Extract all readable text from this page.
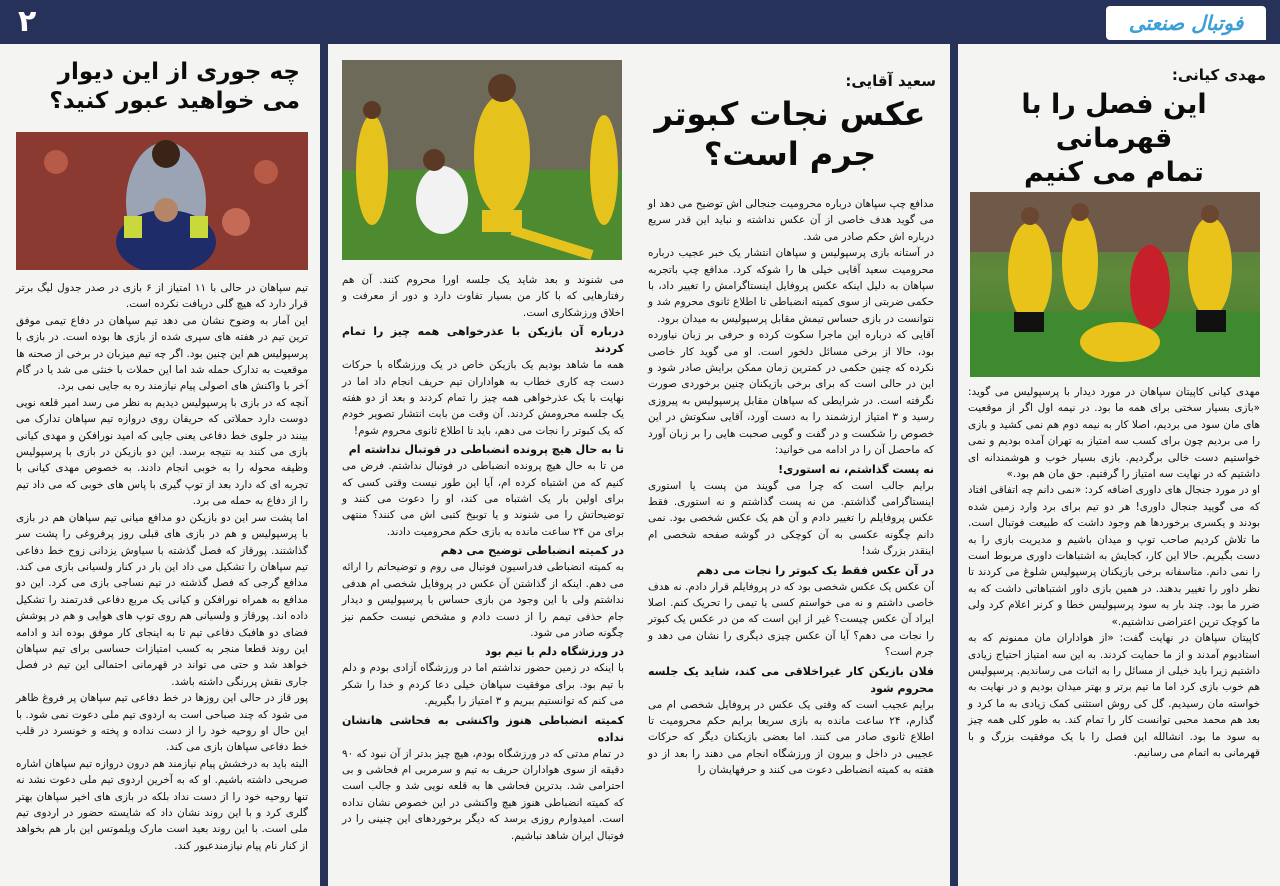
۲	فوتبال صنعتی
مهدی کیانی:
این فصل را با قهرمانی
تمام می کنیم

مهدی کیانی کاپیتان سپاهان در مورد دیدار با پرسپولیس می گوید: «بازی بسیار سختی برای همه ما بود. در نیمه اول اگر از موقعیت های مان سود می بردیم، اصلا کار به نیمه دوم هم نمی کشید و بازی را می بردیم چون برای کسب سه امتیاز به تهران آمده بودیم و نمی خواستیم دست خالی برگردیم. بازی بسیار خوب و هوشمندانه ای داشتیم که در نهایت سه امتیاز را گرفتیم. حق مان هم بود.»

او در مورد جنجال های داوری اضافه کرد: «نمی دانم چه اتفاقی افتاد که می گویید جنجال داوری! هر دو تیم برای برد وارد زمین شده بودند و یکسری برخوردها هم وجود داشت که طبیعت فوتبال است. ما تلاش کردیم صاحب توپ و میدان باشیم و مدیریت بازی را به دست بگیریم. حالا این کار، کجایش به اشتباهات داوری مربوط است را نمی دانم. متاسفانه برخی بازیکنان پرسپولیس شلوغ می کردند تا نظر داور را تغییر بدهند. در همین بازی داور اشتباهاتی داشت که به ضرر ما بود. چند بار به سود پرسپولیس خطا و کرنر اعلام کرد ولی ما کوچک ترین اعتراضی نداشتیم.»

کاپیتان سپاهان در نهایت گفت: «از هواداران مان ممنونم که به استادیوم آمدند و از ما حمایت کردند. به این سه امتیاز احتیاج زیادی داشتیم زیرا باید خیلی از مسائل را به اثبات می رساندیم. پرسپولیس هم خوب بازی کرد اما ما تیم برتر و بهتر میدان بودیم و در نهایت به خواسته مان رسیدیم. گل کی روش استثنی کمک زیادی به ما کرد و بعد هم محمد محبی توانست کار را تمام کند. به طور کلی همه چیز به سود ما بود. انشالله این فصل را با یک موفقیت بزرگ و با قهرمانی به اتمام می رسانیم.

سعید آقایی:
عکس نجات کبوتر
جرم است؟

مدافع چپ سپاهان درباره محرومیت جنجالی اش توضیح می دهد او می گوید هدف خاصی از آن عکس نداشته و نباید این قدر سریع درباره اش حکم صادر می شد.

در آستانه بازی پرسپولیس و سپاهان انتشار یک خبر عجیب درباره محرومیت سعید آقایی خیلی ها را شوکه کرد. مدافع چپ باتجربه سپاهان به دلیل اینکه عکس پروفایل اینستاگرامش را تغییر داد، با حکمی ضربتی از سوی کمیته انضباطی تا اطلاع ثانوی محروم شد و نتوانست در بازی حساس تیمش مقابل پرسپولیس به میدان برود.

آقایی که درباره این ماجرا سکوت کرده و حرفی بر زبان نیاورده بود، حالا از برخی مسائل دلخور است. او می گوید کار خاصی نکرده که چنین حکمی در کمترین زمان ممکن برایش صادر شود و این در حالی است که برای برخی بازیکنان چنین برخوردی صورت نگرفته است. در شرایطی که سپاهان مقابل پرسپولیس به پیروزی رسید و ۳ امتیاز ارزشمند را به دست آورد، آقایی سکوتش در این خصوص را شکست و در گفت و گویی صحبت هایی را بر زبان آورد که ماحصل آن را در ادامه می خوانید:

نه پست گذاشتم، نه استوری!

برایم جالب است که چرا می گویند من پست یا استوری اینستاگرامی گذاشتم. من نه پست گذاشتم و نه استوری. فقط عکس پروفایلم را تغییر دادم و آن هم یک عکس شخصی بود. نمی دانم چگونه عکسی به آن کوچکی در گوشه صفحه شخصی ام اینقدر بزرگ شد!

در آن عکس فقط یک کبوتر را نجات می دهم

آن عکس یک عکس شخصی بود که در پروفایلم قرار دادم. نه هدف خاصی داشتم و نه می خواستم کسی یا تیمی را تحریک کنم. اصلا ایراد آن عکس چیست؟ غیر از این است که من در عکس یک کبوتر را نجات می دهم؟ آیا آن عکس چیزی دیگری را نشان می دهد و جرم است؟

فلان بازیکن کار غیراخلاقی می کند، شاید یک جلسه محروم شود

برایم عجیب است که وقتی یک عکس در پروفایل شخصی ام می گذارم، ۲۴ ساعت مانده به بازی سریعا برایم حکم محرومیت تا اطلاع ثانوی صادر می کنند. اما بعضی بازیکنان دیگر که حرکات عجیبی در داخل و بیرون از ورزشگاه انجام می دهند را بعد از دو هفته به کمیته انضباطی دعوت می کنند و حرفهایشان را

می شنوند و بعد شاید یک جلسه اورا محروم کنند. آن هم رفتارهایی که با کار من بسیار تفاوت دارد و دور از معرفت و اخلاق ورزشکاری است.

درباره آن بازیکن با عذرخواهی همه چیز را تمام کردند

همه ما شاهد بودیم یک بازیکن خاص در یک ورزشگاه با حرکات دست چه کاری خطاب به هواداران تیم حریف انجام داد اما در نهایت با یک عذرخواهی همه چیز را تمام کردند و بعد از دو هفته یک جلسه محرومش کردند. آن وقت من بابت انتشار تصویر خودم که یک کبوتر را نجات می دهم، باید تا اطلاع ثانوی محروم شوم!

تا به حال هیچ پرونده انضباطی در فوتبال نداشته ام

من تا به حال هیچ پرونده انضباطی در فوتبال نداشتم. فرض می کنیم که من اشتباه کرده ام، آیا این طور نیست وقتی کسی که برای اولین بار یک اشتباه می کند، او را دعوت می کنند و توضیحاتش را می شنوند و یا توبیخ کتبی اش می کنند؟ منتهی برای من ۲۴ ساعت مانده به بازی حکم محرومیت دادند.

در کمیته انضباطی توضیح می دهم

به کمیته انضباطی فدراسیون فوتبال می روم و توضیحاتم را ارائه می دهم. اینکه از گذاشتن آن عکس در پروفایل شخصی ام هدفی نداشتم ولی با این وجود من بازی حساس با پرسپولیس و دیدار جام حذفی تیمم را از دست دادم و مشخص نیست حکمم نیز چگونه صادر می شود.

در ورزشگاه دلم با تیم بود

با اینکه در زمین حضور نداشتم اما در ورزشگاه آزادی بودم و دلم با تیم بود. برای موفقیت سپاهان خیلی دعا کردم و خدا را شکر می کنم که توانستیم ببریم و ۳ امتیاز را بگیریم.

کمیته انضباطی هنوز واکنشی به فحاشی هانشان نداده

در تمام مدتی که در ورزشگاه بودم، هیچ چیز بدتر از آن نبود که ۹۰ دقیقه از سوی هواداران حریف به تیم و سرمربی ام فحاشی و بی احترامی شد. بدترین فحاشی ها به قلعه نویی شد و جالب است که کمیته انضباطی هنوز هیچ واکنشی در این خصوص نشان نداده است. امیدوارم روزی برسد که دیگر برخوردهای این چنینی را در فوتبال ایران شاهد نباشیم.

چه جوری از این دیوار
می خواهید عبور کنید؟

تیم سپاهان در حالی با ۱۱ امتیاز از ۶ بازی در صدر جدول لیگ برتر قرار دارد که هیچ گلی دریافت نکرده است.

این آمار به وضوح نشان می دهد تیم سپاهان در دفاع تیمی موفق ترین تیم در هفته های سپری شده از بازی ها بوده است. در بازی با پرسپولیس هم این چنین بود. اگر چه تیم میزبان در برخی از صحنه ها موقعیت به تدارک حمله شد اما این حملات با خنثی می شد یا در گام آخر با واکنش های اصولی پیام نیازمند ره به جایی نمی برد.

آنچه که در بازی با پرسپولیس دیدیم به نظر می رسد امیر قلعه نویی دوست دارد حملاتی که حریفان روی دروازه تیم سپاهان تدارک می بینند در جلوی خط دفاعی یعنی جایی که امید نورافکن و مهدی کیانی بازی می کنند به نتیجه برسد. این دو بازیکن در بازی با پرسپولیس وظیفه محوله را به خوبی انجام دادند. به خصوص مهدی کیانی با تجربه ای که دارد بعد از توپ گیری با پاس های خوبی که می داد تیم را از دفاع به حمله می برد.

اما پشت سر این دو بازیکن دو مدافع میانی تیم سپاهان هم در بازی با پرسپولیس و هم در بازی های قبلی روز پرفروغی را پشت سر گذاشتند. پورقاز که فصل گذشته با سیاوش یزدانی زوج خط دفاعی تیم سپاهان را تشکیل می داد این بار در کنار ولسیانی بازی می کند. مدافع گرجی که فصل گذشته در تیم نساجی بازی می کرد. این دو مدافع به همراه نورافکن و کیانی یک مربع دفاعی قدرتمند را تشکیل داده اند. پورقاز و ولسیانی هم روی توپ های هوایی و هم در پوشش فضای دو هافبک دفاعی تیم تا به اینجای کار موفق بوده اند و ادامه این روند قطعا منجر به کسب امتیازات حساسی برای تیم سپاهان خواهد شد و حتی می تواند در قهرمانی احتمالی این تیم در فصل جاری نقش پررنگی داشته باشد.

پور قاز در حالی این روزها در خط دفاعی تیم سپاهان پر فروغ ظاهر می شود که چند صباحی است به اردوی تیم ملی دعوت نمی شود. با این حال او روحیه خود را از دست نداده و پخته و خونسرد در قلب خط دفاعی سپاهان بازی می کند.

البته باید به درخشش پیام نیازمند هم درون دروازه تیم سپاهان اشاره صریحی داشته باشیم. او که به آخرین اردوی تیم ملی دعوت نشد نه تنها روحیه خود را از دست نداد بلکه در بازی های اخیر سپاهان بهتر گلری کرد و با این روند نشان داد که شایسته حضور در اردوی تیم ملی است. با این روند بعید است مارک ویلموتس این بار هم بخواهد از کنار نام پیام نیازمندعبور کند.
